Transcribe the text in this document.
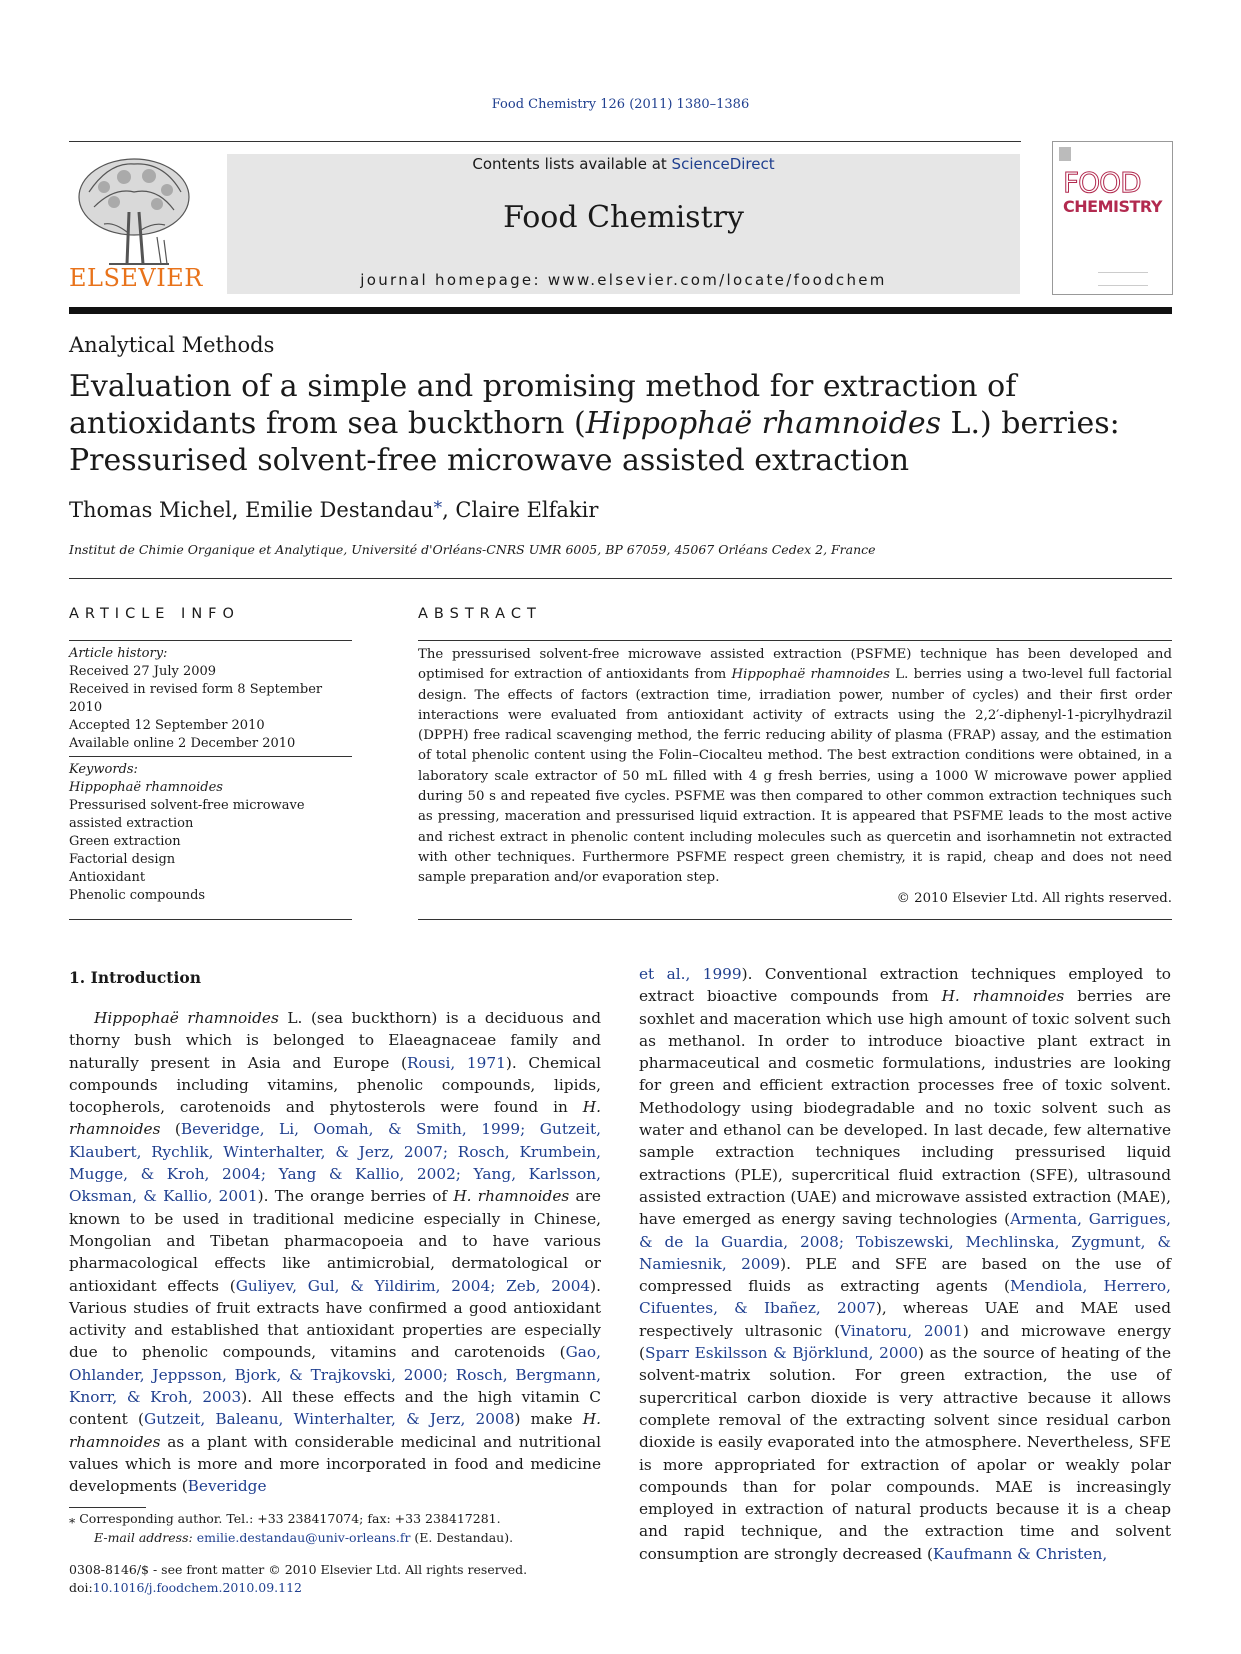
Food Chemistry 126 (2011) 1380–1386
ELSEVIER
Contents lists available at ScienceDirect
Food Chemistry
journal homepage: www.elsevier.com/locate/foodchem
FOOD
CHEMISTRY
Analytical Methods
Evaluation of a simple and promising method for extraction of antioxidants from sea buckthorn (Hippophaë rhamnoides L.) berries: Pressurised solvent-free microwave assisted extraction
Thomas Michel, Emilie Destandau*, Claire Elfakir
Institut de Chimie Organique et Analytique, Université d'Orléans-CNRS UMR 6005, BP 67059, 45067 Orléans Cedex 2, France
ARTICLE INFO	ABSTRACT
Article history:
Received 27 July 2009
Received in revised form 8 September 2010
Accepted 12 September 2010
Available online 2 December 2010
Keywords:
Hippophaë rhamnoides
Pressurised solvent-free microwave assisted extraction
Green extraction
Factorial design
Antioxidant
Phenolic compounds
The pressurised solvent-free microwave assisted extraction (PSFME) technique has been developed and optimised for extraction of antioxidants from Hippophaë rhamnoides L. berries using a two-level full factorial design. The effects of factors (extraction time, irradiation power, number of cycles) and their first order interactions were evaluated from antioxidant activity of extracts using the 2,2′-diphenyl-1-picrylhydrazil (DPPH) free radical scavenging method, the ferric reducing ability of plasma (FRAP) assay, and the estimation of total phenolic content using the Folin–Ciocalteu method. The best extraction conditions were obtained, in a laboratory scale extractor of 50 mL filled with 4 g fresh berries, using a 1000 W microwave power applied during 50 s and repeated five cycles. PSFME was then compared to other common extraction techniques such as pressing, maceration and pressurised liquid extraction. It is appeared that PSFME leads to the most active and richest extract in phenolic content including molecules such as quercetin and isorhamnetin not extracted with other techniques. Furthermore PSFME respect green chemistry, it is rapid, cheap and does not need sample preparation and/or evaporation step.
© 2010 Elsevier Ltd. All rights reserved.
1. Introduction
Hippophaë rhamnoides L. (sea buckthorn) is a deciduous and thorny bush which is belonged to Elaeagnaceae family and naturally present in Asia and Europe (Rousi, 1971). Chemical compounds including vitamins, phenolic compounds, lipids, tocopherols, carotenoids and phytosterols were found in H. rhamnoides (Beveridge, Li, Oomah, & Smith, 1999; Gutzeit, Klaubert, Rychlik, Winterhalter, & Jerz, 2007; Rosch, Krumbein, Mugge, & Kroh, 2004; Yang & Kallio, 2002; Yang, Karlsson, Oksman, & Kallio, 2001). The orange berries of H. rhamnoides are known to be used in traditional medicine especially in Chinese, Mongolian and Tibetan pharmacopoeia and to have various pharmacological effects like antimicrobial, dermatological or antioxidant effects (Guliyev, Gul, & Yildirim, 2004; Zeb, 2004). Various studies of fruit extracts have confirmed a good antioxidant activity and established that antioxidant properties are especially due to phenolic compounds, vitamins and carotenoids (Gao, Ohlander, Jeppsson, Bjork, & Trajkovski, 2000; Rosch, Bergmann, Knorr, & Kroh, 2003). All these effects and the high vitamin C content (Gutzeit, Baleanu, Winterhalter, & Jerz, 2008) make H. rhamnoides as a plant with considerable medicinal and nutritional values which is more and more incorporated in food and medicine developments (Beveridge
et al., 1999). Conventional extraction techniques employed to extract bioactive compounds from H. rhamnoides berries are soxhlet and maceration which use high amount of toxic solvent such as methanol. In order to introduce bioactive plant extract in pharmaceutical and cosmetic formulations, industries are looking for green and efficient extraction processes free of toxic solvent. Methodology using biodegradable and no toxic solvent such as water and ethanol can be developed. In last decade, few alternative sample extraction techniques including pressurised liquid extractions (PLE), supercritical fluid extraction (SFE), ultrasound assisted extraction (UAE) and microwave assisted extraction (MAE), have emerged as energy saving technologies (Armenta, Garrigues, & de la Guardia, 2008; Tobiszewski, Mechlinska, Zygmunt, & Namiesnik, 2009). PLE and SFE are based on the use of compressed fluids as extracting agents (Mendiola, Herrero, Cifuentes, & Ibañez, 2007), whereas UAE and MAE used respectively ultrasonic (Vinatoru, 2001) and microwave energy (Sparr Eskilsson & Björklund, 2000) as the source of heating of the solvent-matrix solution. For green extraction, the use of supercritical carbon dioxide is very attractive because it allows complete removal of the extracting solvent since residual carbon dioxide is easily evaporated into the atmosphere. Nevertheless, SFE is more appropriated for extraction of apolar or weakly polar compounds than for polar compounds. MAE is increasingly employed in extraction of natural products because it is a cheap and rapid technique, and the extraction time and solvent consumption are strongly decreased (Kaufmann & Christen,
⁎ Corresponding author. Tel.: +33 238417074; fax: +33 238417281.
E-mail address: emilie.destandau@univ-orleans.fr (E. Destandau).
0308-8146/$ - see front matter © 2010 Elsevier Ltd. All rights reserved.
doi:10.1016/j.foodchem.2010.09.112
